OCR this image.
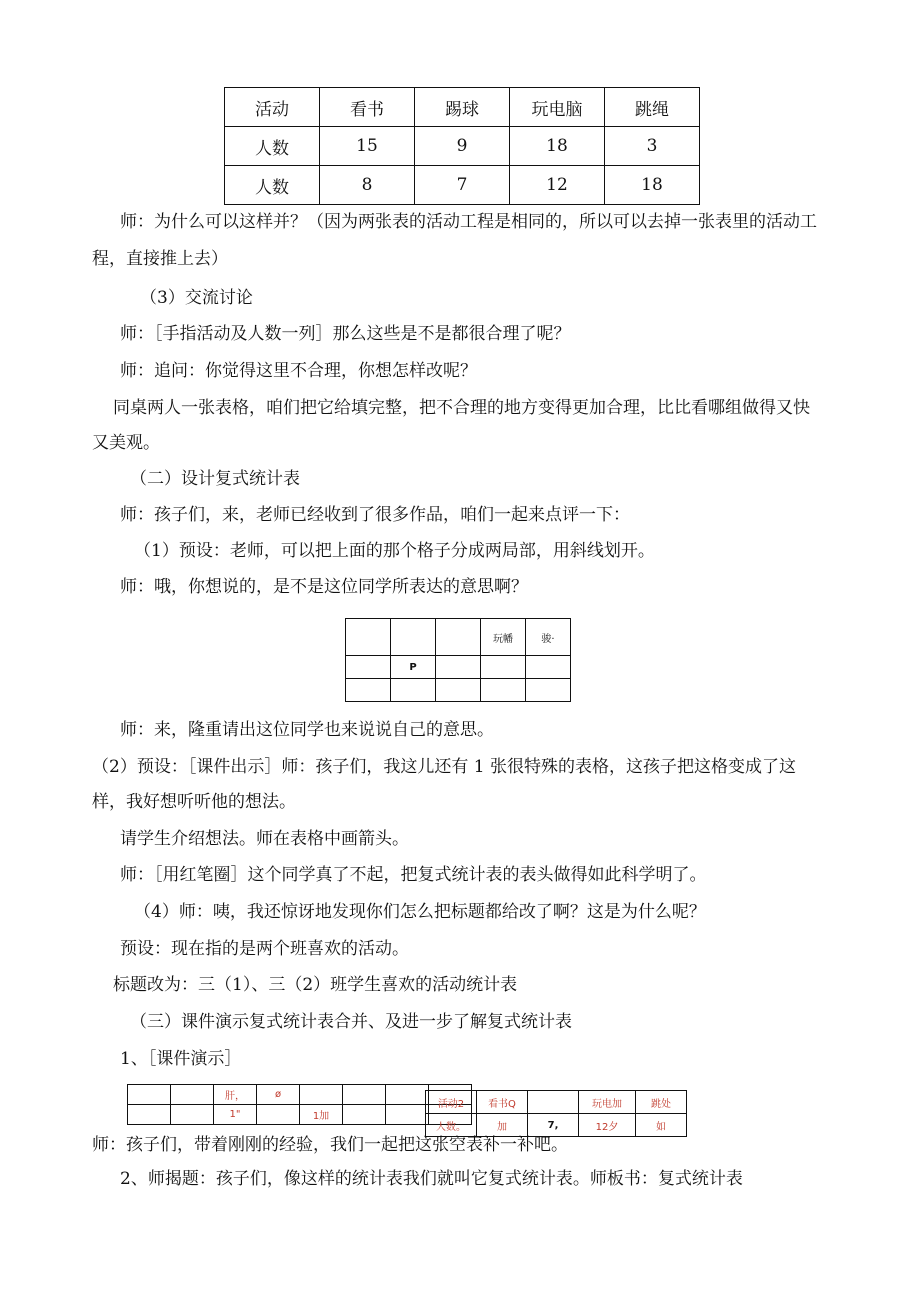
活动	看书	踢球	玩电脑	跳绳
人数	15	9	18	3
人数	8	7	12	18
师：为什么可以这样并？（因为两张表的活动工程是相同的，所以可以去掉一张表里的活动工
程，直接推上去）
（3）交流讨论
师：［手指活动及人数一列］那么这些是不是都很合理了呢？
师：追问：你觉得这里不合理，你想怎样改呢？
同桌两人一张表格，咱们把它给填完整，把不合理的地方变得更加合理，比比看哪组做得又快
又美观。
（二）设计复式统计表
师：孩子们，来，老师已经收到了很多作品，咱们一起来点评一下：
（1）预设：老师，可以把上面的那个格子分成两局部，用斜线划开。
师：哦，你想说的，是不是这位同学所表达的意思啊？
			玩幡	骏·
	P			

师：来，隆重请出这位同学也来说说自己的意思。
（2）预设：［课件出示］师：孩子们，我这儿还有 1 张很特殊的表格，这孩子把这格变成了这
样，我好想听听他的想法。
请学生介绍想法。师在表格中画箭头。
师：［用红笔圈］这个同学真了不起，把复式统计表的表头做得如此科学明了。
（4）师：咦，我还惊讶地发现你们怎么把标题都给改了啊？这是为什么呢？
预设：现在指的是两个班喜欢的活动。
标题改为：三（1）、三（2）班学生喜欢的活动统计表
（三）课件演示复式统计表合并、及进一步了解复式统计表
1、［课件演示］
		肝，	ø				
		1"		1加			
活动2	看书Q		玩电加	跳处
人数。	加	7,	12夕	如
师：孩子们，带着刚刚的经验，我们一起把这张空表补一补吧。
2、师揭题：孩子们，像这样的统计表我们就叫它复式统计表。师板书：复式统计表
